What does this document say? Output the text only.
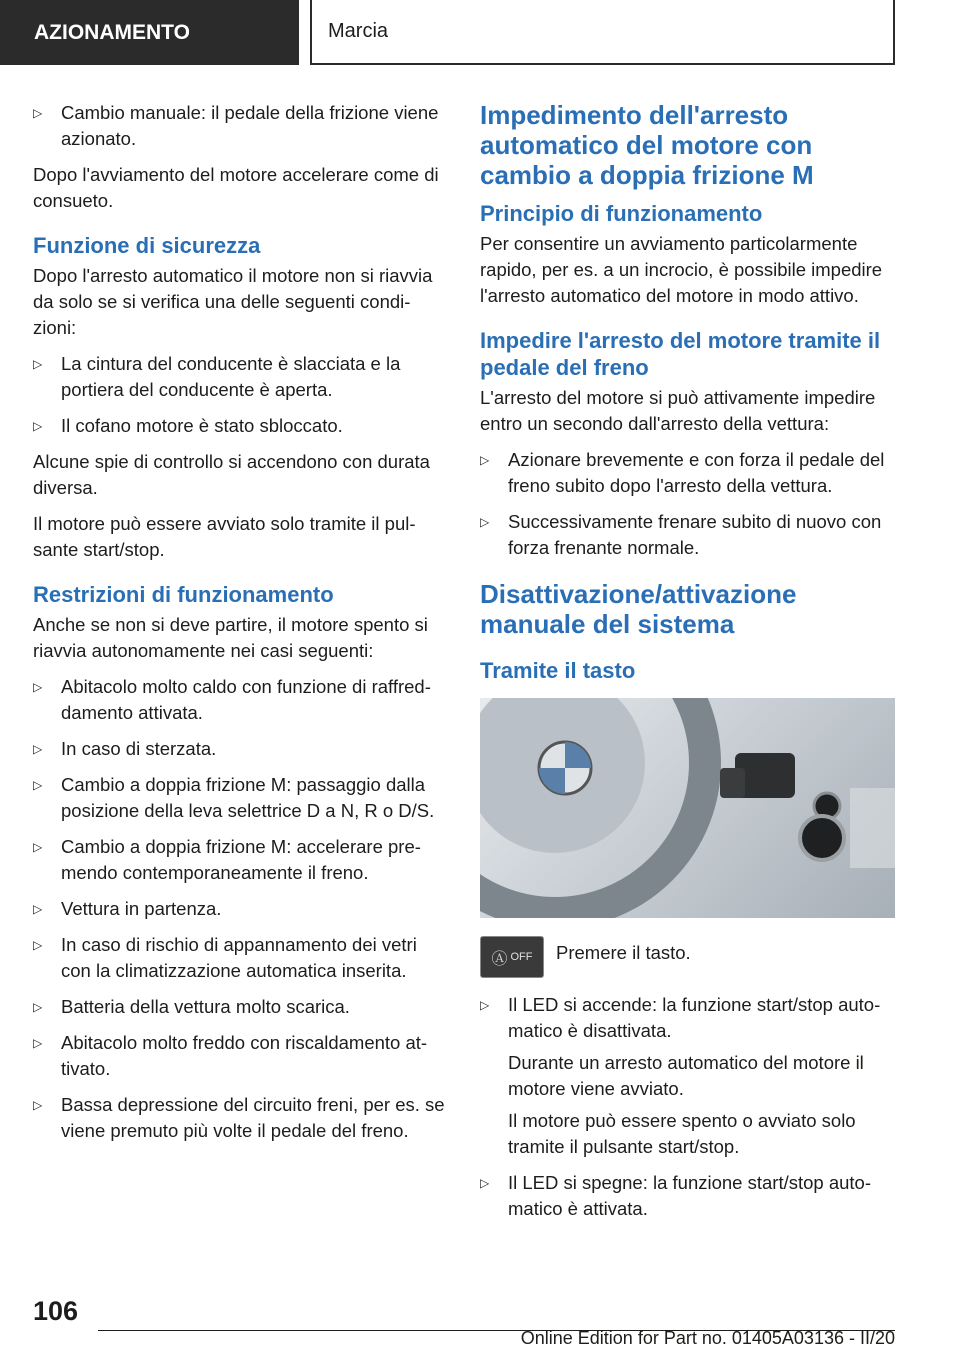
AZIONAMENTO	Marcia
▷ Cambio manuale: il pedale della frizione viene azionato.

Dopo l'avviamento del motore accelerare come di consueto.

Funzione di sicurezza

Dopo l'arresto automatico il motore non si riavvia da solo se si verifica una delle seguenti condi-zioni:

▷ La cintura del conducente è slacciata e la portiera del conducente è aperta.
▷ Il cofano motore è stato sbloccato.

Alcune spie di controllo si accendono con durata diversa.

Il motore può essere avviato solo tramite il pul-sante start/stop.

Restrizioni di funzionamento

Anche se non si deve partire, il motore spento si riavvia autonomamente nei casi seguenti:

▷ Abitacolo molto caldo con funzione di raffred-damento attivata.
▷ In caso di sterzata.
▷ Cambio a doppia frizione M: passaggio dalla posizione della leva selettrice D a N, R o D/S.
▷ Cambio a doppia frizione M: accelerare pre-mendo contemporaneamente il freno.
▷ Vettura in partenza.
▷ In caso di rischio di appannamento dei vetri con la climatizzazione automatica inserita.
▷ Batteria della vettura molto scarica.
▷ Abitacolo molto freddo con riscaldamento at-tivato.
▷ Bassa depressione del circuito freni, per es. se viene premuto più volte il pedale del freno.
Impedimento dell'arresto automatico del motore con cambio a doppia frizione M
Principio di funzionamento

Per consentire un avviamento particolarmente rapido, per es. a un incrocio, è possibile impedire l'arresto automatico del motore in modo attivo.

Impedire l'arresto del motore tramite il pedale del freno

L'arresto del motore si può attivamente impedire entro un secondo dall'arresto della vettura:

▷ Azionare brevemente e con forza il pedale del freno subito dopo l'arresto della vettura.
▷ Successivamente frenare subito di nuovo con forza frenante normale.
Disattivazione/attivazione manuale del sistema
Tramite il tasto
Ⓐ OFF Premere il tasto.

▷ Il LED si accende: la funzione start/stop auto-matico è disattivata.
Durante un arresto automatico del motore il motore viene avviato.
Il motore può essere spento o avviato solo tramite il pulsante start/stop.
▷ Il LED si spegne: la funzione start/stop auto-matico è attivata.
106
Online Edition for Part no. 01405A03136 - II/20
